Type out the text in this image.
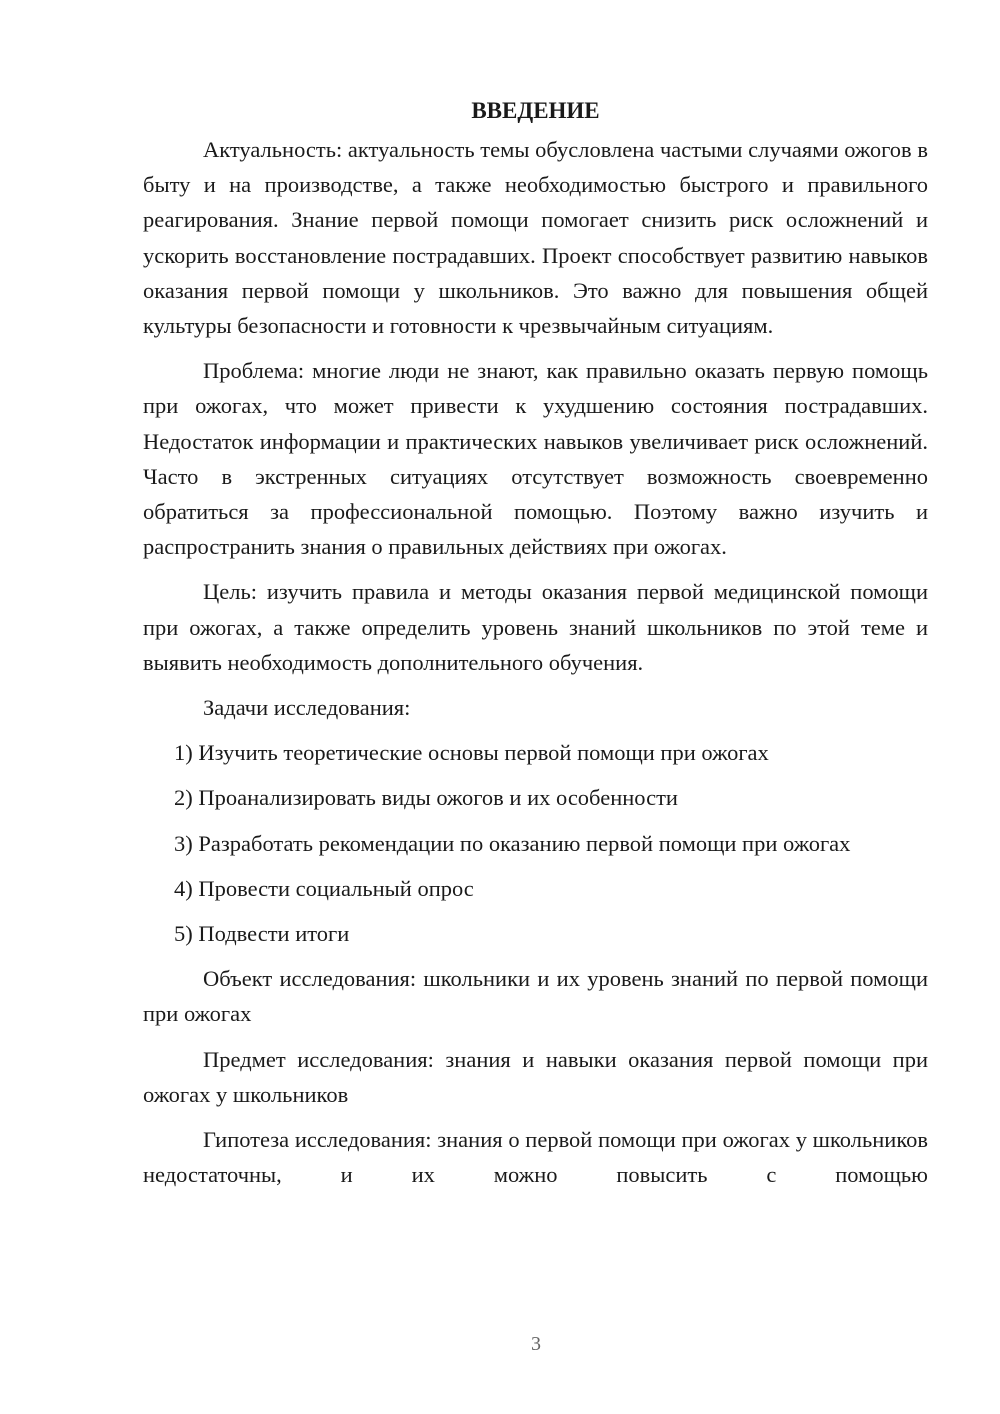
ВВЕДЕНИЕ

Актуальность: актуальность темы обусловлена частыми случаями ожогов в быту и на производстве, а также необходимостью быстрого и правильного реагирования. Знание первой помощи помогает снизить риск осложнений и ускорить восстановление пострадавших. Проект способствует развитию навыков оказания первой помощи у школьников. Это важно для повышения общей культуры безопасности и готовности к чрезвычайным ситуациям.

Проблема: многие люди не знают, как правильно оказать первую помощь при ожогах, что может привести к ухудшению состояния пострадавших. Недостаток информации и практических навыков увеличивает риск осложнений. Часто в экстренных ситуациях отсутствует возможность своевременно обратиться за профессиональной помощью. Поэтому важно изучить и распространить знания о правильных действиях при ожогах.

Цель: изучить правила и методы оказания первой медицинской помощи при ожогах, а также определить уровень знаний школьников по этой теме и выявить необходимость дополнительного обучения.

Задачи исследования:

1) Изучить теоретические основы первой помощи при ожогах

2) Проанализировать виды ожогов и их особенности

3) Разработать рекомендации по оказанию первой помощи при ожогах

4) Провести социальный опрос

5) Подвести итоги

Объект исследования: школьники и их уровень знаний по первой помощи при ожогах

Предмет исследования: знания и навыки оказания первой помощи при ожогах у школьников

Гипотеза исследования: знания о первой помощи при ожогах у школьников недостаточны, и их можно повысить с помощью

3
